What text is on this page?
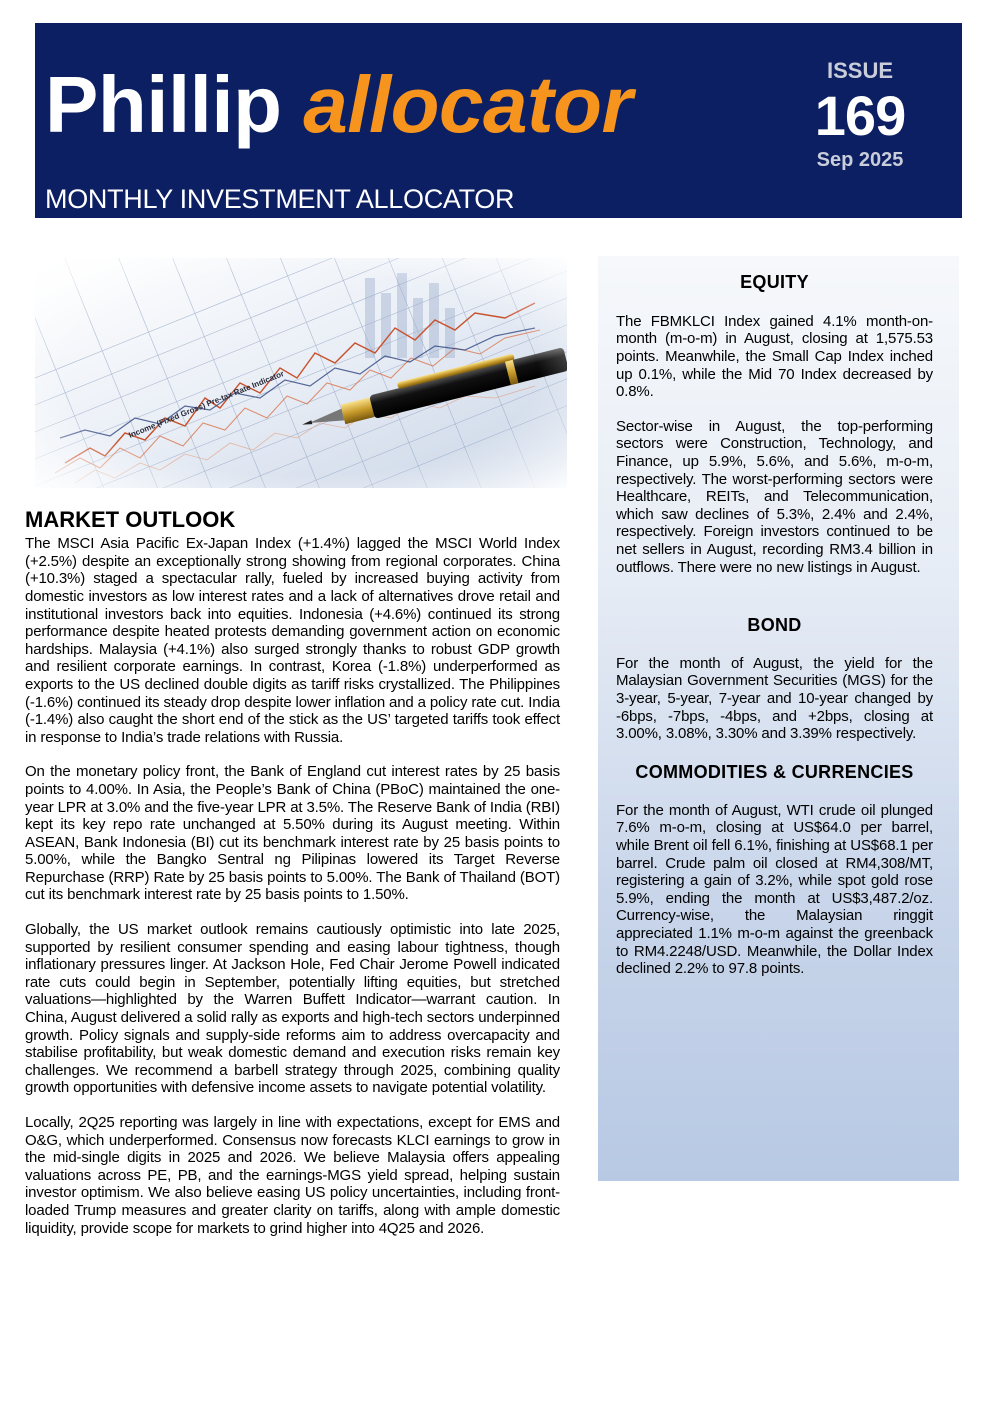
Phillip allocator
MONTHLY INVESTMENT ALLOCATOR
ISSUE
169
Sep 2025
MARKET OUTLOOK

The MSCI Asia Pacific Ex-Japan Index (+1.4%) lagged the MSCI World Index (+2.5%) despite an exceptionally strong showing from regional corporates. China (+10.3%) staged a spectacular rally, fueled by increased buying activity from domestic investors as low interest rates and a lack of alternatives drove retail and institutional investors back into equities. Indonesia (+4.6%) continued its strong performance despite heated protests demanding government action on economic hardships. Malaysia (+4.1%) also surged strongly thanks to robust GDP growth and resilient corporate earnings. In contrast, Korea (-1.8%) underperformed as exports to the US declined double digits as tariff risks crystallized. The Philippines (-1.6%) continued its steady drop despite lower inflation and a policy rate cut. India (-1.4%) also caught the short end of the stick as the US’ targeted tariffs took effect in response to India’s trade relations with Russia.

On the monetary policy front, the Bank of England cut interest rates by 25 basis points to 4.00%. In Asia, the People’s Bank of China (PBoC) maintained the one-year LPR at 3.0% and the five-year LPR at 3.5%. The Reserve Bank of India (RBI) kept its key repo rate unchanged at 5.50% during its August meeting. Within ASEAN, Bank Indonesia (BI) cut its benchmark interest rate by 25 basis points to 5.00%, while the Bangko Sentral ng Pilipinas lowered its Target Reverse Repurchase (RRP) Rate by 25 basis points to 5.00%. The Bank of Thailand (BOT) cut its benchmark interest rate by 25 basis points to 1.50%.

Globally, the US market outlook remains cautiously optimistic into late 2025, supported by resilient consumer spending and easing labour tightness, though inflationary pressures linger. At Jackson Hole, Fed Chair Jerome Powell indicated rate cuts could begin in September, potentially lifting equities, but stretched valuations—highlighted by the Warren Buffett Indicator—warrant caution. In China, August delivered a solid rally as exports and high-tech sectors underpinned growth. Policy signals and supply-side reforms aim to address overcapacity and stabilise profitability, but weak domestic demand and execution risks remain key challenges. We recommend a barbell strategy through 2025, combining quality growth opportunities with defensive income assets to navigate potential volatility.

Locally, 2Q25 reporting was largely in line with expectations, except for EMS and O&G, which underperformed. Consensus now forecasts KLCI earnings to grow in the mid-single digits in 2025 and 2026. We believe Malaysia offers appealing valuations across PE, PB, and the earnings-MGS yield spread, helping sustain investor optimism. We also believe easing US policy uncertainties, including front-loaded Trump measures and greater clarity on tariffs, along with ample domestic liquidity, provide scope for markets to grind higher into 4Q25 and 2026.

EQUITY

The FBMKLCI Index gained 4.1% month-on-month (m-o-m) in August, closing at 1,575.53 points. Meanwhile, the Small Cap Index inched up 0.1%, while the Mid 70 Index decreased by 0.8%.

Sector-wise in August, the top-performing sectors were Construction, Technology, and Finance, up 5.9%, 5.6%, and 5.6%, m-o-m, respectively. The worst-performing sectors were Healthcare, REITs, and Telecommunication, which saw declines of 5.3%, 2.4% and 2.4%, respectively. Foreign investors continued to be net sellers in August, recording RM3.4 billion in outflows. There were no new listings in August.

BOND

For the month of August, the yield for the Malaysian Government Securities (MGS) for the 3-year, 5-year, 7-year and 10-year changed by -6bps, -7bps, -4bps, and +2bps, closing at 3.00%, 3.08%, 3.30% and 3.39% respectively.

COMMODITIES & CURRENCIES

For the month of August, WTI crude oil plunged 7.6% m-o-m, closing at US$64.0 per barrel, while Brent oil fell 6.1%, finishing at US$68.1 per barrel. Crude palm oil closed at RM4,308/MT, registering a gain of 3.2%, while spot gold rose 5.9%, ending the month at US$3,487.2/oz. Currency-wise, the Malaysian ringgit appreciated 1.1% m-o-m against the greenback to RM4.2248/USD. Meanwhile, the Dollar Index declined 2.2% to 97.8 points.
